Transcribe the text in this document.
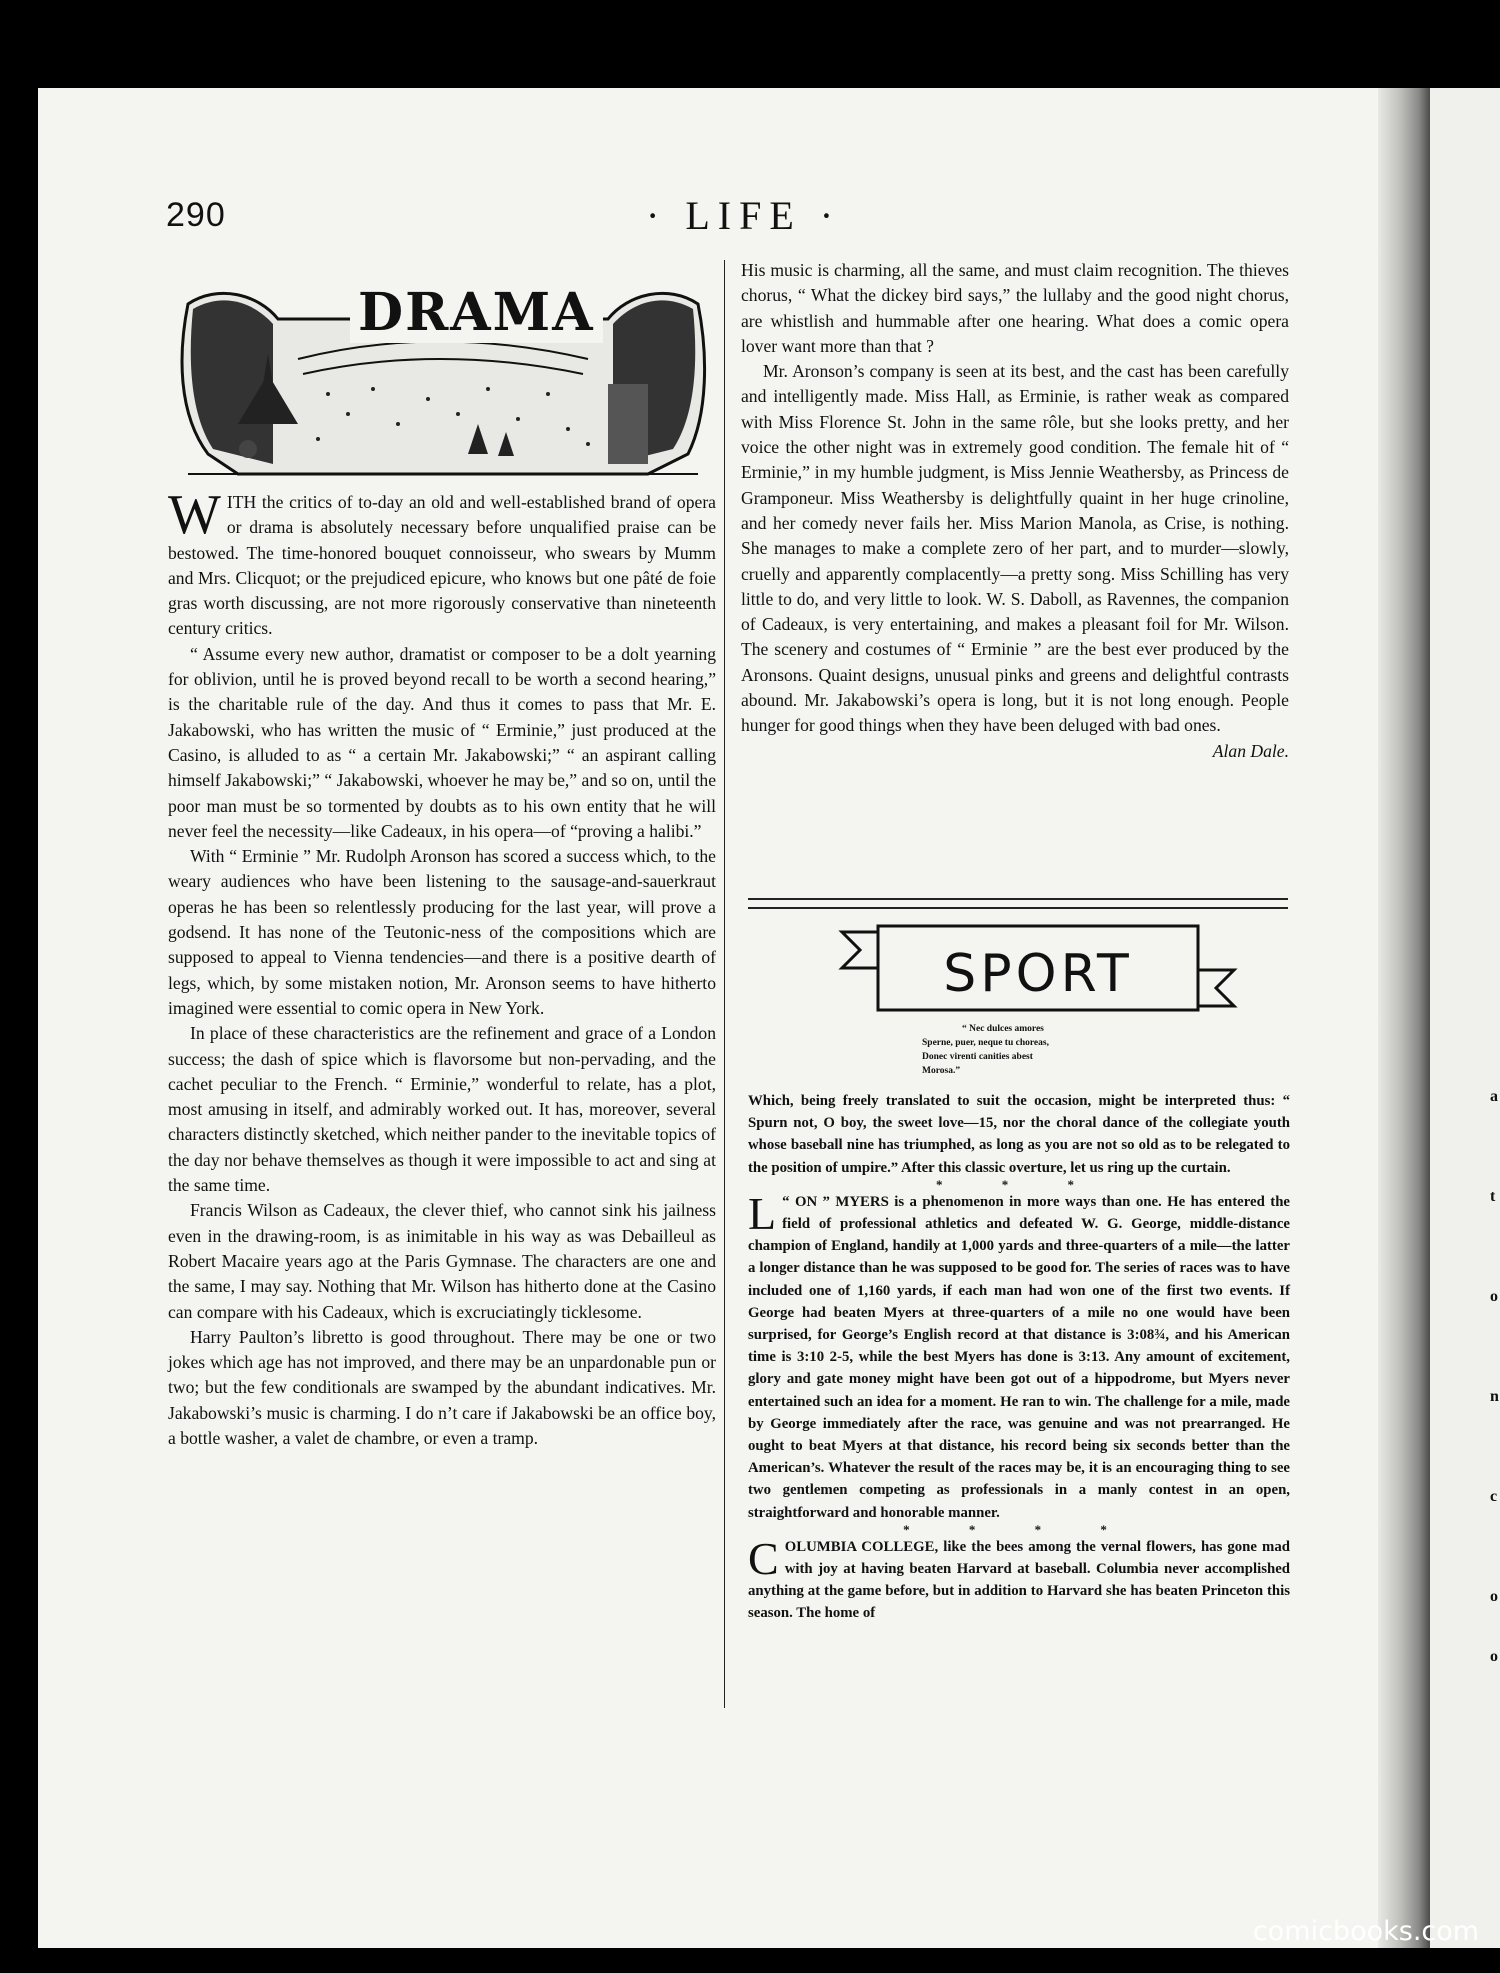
a
t
o
n
c
o
o
290	· LIFE ·
DRAMA

WITH the critics of to-day an old and well-established brand of opera or drama is absolutely necessary before unqualified praise can be bestowed. The time-honored bouquet connoisseur, who swears by Mumm and Mrs. Clicquot; or the prejudiced epicure, who knows but one pâté de foie gras worth discussing, are not more rigorously conservative than nineteenth century critics.

“ Assume every new author, dramatist or composer to be a dolt yearning for oblivion, until he is proved beyond recall to be worth a second hearing,” is the charitable rule of the day. And thus it comes to pass that Mr. E. Jakabowski, who has written the music of “ Erminie,” just produced at the Casino, is alluded to as “ a certain Mr. Jakabowski;” “ an aspirant calling himself Jakabowski;” “ Jakabowski, whoever he may be,” and so on, until the poor man must be so tormented by doubts as to his own entity that he will never feel the necessity—like Cadeaux, in his opera—of “proving a halibi.”

With “ Erminie ” Mr. Rudolph Aronson has scored a success which, to the weary audiences who have been listening to the sausage-and-sauerkraut operas he has been so relentlessly producing for the last year, will prove a godsend. It has none of the Teutonic-ness of the compositions which are supposed to appeal to Vienna tendencies—and there is a positive dearth of legs, which, by some mistaken notion, Mr. Aronson seems to have hitherto imagined were essential to comic opera in New York.

In place of these characteristics are the refinement and grace of a London success; the dash of spice which is flavorsome but non-pervading, and the cachet peculiar to the French. “ Erminie,” wonderful to relate, has a plot, most amusing in itself, and admirably worked out. It has, moreover, several characters distinctly sketched, which neither pander to the inevitable topics of the day nor behave themselves as though it were impossible to act and sing at the same time.

Francis Wilson as Cadeaux, the clever thief, who cannot sink his jailness even in the drawing-room, is as inimitable in his way as was Debailleul as Robert Macaire years ago at the Paris Gymnase. The characters are one and the same, I may say. Nothing that Mr. Wilson has hitherto done at the Casino can compare with his Cadeaux, which is excruciatingly ticklesome.

Harry Paulton’s libretto is good throughout. There may be one or two jokes which age has not improved, and there may be an unpardonable pun or two; but the few conditionals are swamped by the abundant indicatives. Mr. Jakabowski’s music is charming. I do n’t care if Jakabowski be an office boy, a bottle washer, a valet de chambre, or even a tramp.

His music is charming, all the same, and must claim recognition. The thieves chorus, “ What the dickey bird says,” the lullaby and the good night chorus, are whistlish and hummable after one hearing. What does a comic opera lover want more than that ?

Mr. Aronson’s company is seen at its best, and the cast has been carefully and intelligently made. Miss Hall, as Erminie, is rather weak as compared with Miss Florence St. John in the same rôle, but she looks pretty, and her voice the other night was in extremely good condition. The female hit of “ Erminie,” in my humble judgment, is Miss Jennie Weathersby, as Princess de Gramponeur. Miss Weathersby is delightfully quaint in her huge crinoline, and her comedy never fails her. Miss Marion Manola, as Crise, is nothing. She manages to make a complete zero of her part, and to murder—slowly, cruelly and apparently complacently—a pretty song. Miss Schilling has very little to do, and very little to look. W. S. Daboll, as Ravennes, the companion of Cadeaux, is very entertaining, and makes a pleasant foil for Mr. Wilson. The scenery and costumes of “ Erminie ” are the best ever produced by the Aronsons. Quaint designs, unusual pinks and greens and delightful contrasts abound. Mr. Jakabowski’s opera is long, but it is not long enough. People hunger for good things when they have been deluged with bad ones.
Alan Dale.

SPORT
“ Nec dulces amores
Sperne, puer, neque tu choreas,
Donec virenti canities abest
Morosa.”

Which, being freely translated to suit the occasion, might be interpreted thus: “ Spurn not, O boy, the sweet love—15, nor the choral dance of the collegiate youth whose baseball nine has triumphed, as long as you are not so old as to be relegated to the position of umpire.” After this classic overture, let us ring up the curtain.

* * *

“
L ON ” MYERS is a phenomenon in more ways than one. He has entered the field of professional athletics and defeated W. G. George, middle-distance champion of England, handily at 1,000 yards and three-quarters of a mile—the latter a longer distance than he was supposed to be good for. The series of races was to have included one of 1,160 yards, if each man had won one of the first two events. If George had beaten Myers at three-quarters of a mile no one would have been surprised, for George’s English record at that distance is 3:08¾, and his American time is 3:10 2-5, while the best Myers has done is 3:13. Any amount of excitement, glory and gate money might have been got out of a hippodrome, but Myers never entertained such an idea for a moment. He ran to win. The challenge for a mile, made by George immediately after the race, was genuine and was not prearranged. He ought to beat Myers at that distance, his record being six seconds better than the American’s. Whatever the result of the races may be, it is an encouraging thing to see two gentlemen competing as professionals in a manly contest in an open, straightforward and honorable manner.

* * * *

COLUMBIA COLLEGE, like the bees among the vernal flowers, has gone mad with joy at having beaten Harvard at baseball. Columbia never accomplished anything at the game before, but in addition to Harvard she has beaten Princeton this season. The home of

comicbooks.com
